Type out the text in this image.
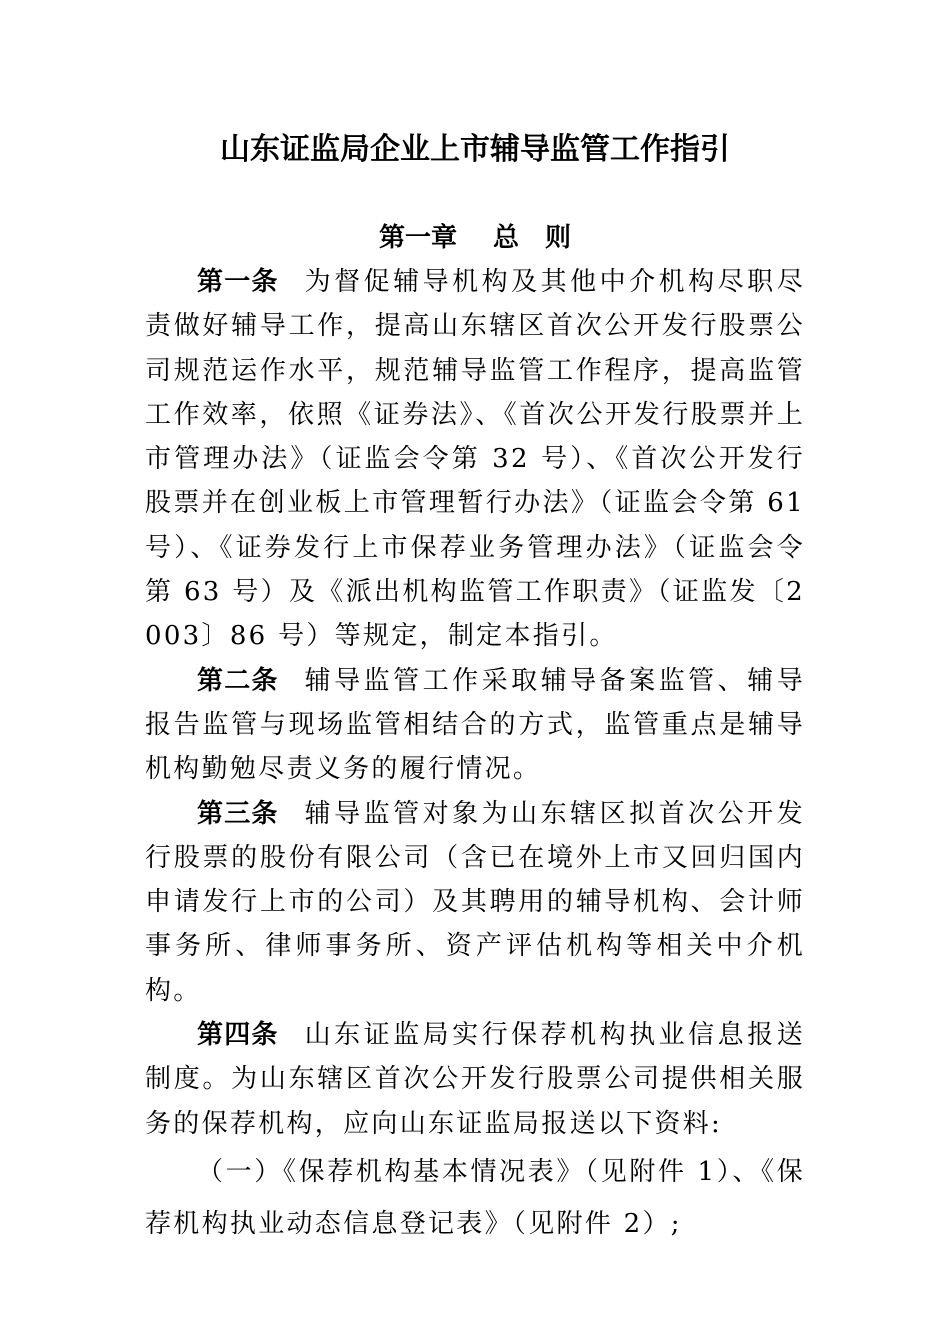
山东证监局企业上市辅导监管工作指引
第一章 总 则

第一条 为督促辅导机构及其他中介机构尽职尽责做好辅导工作，提高山东辖区首次公开发行股票公司规范运作水平，规范辅导监管工作程序，提高监管工作效率，依照《证券法》、《首次公开发行股票并上市管理办法》（证监会令第 32 号）、《首次公开发行股票并在创业板上市管理暂行办法》（证监会令第 61 号）、《证券发行上市保荐业务管理办法》（证监会令第 63 号）及《派出机构监管工作职责》（证监发〔2003〕86 号）等规定，制定本指引。

第二条 辅导监管工作采取辅导备案监管、辅导报告监管与现场监管相结合的方式，监管重点是辅导机构勤勉尽责义务的履行情况。

第三条 辅导监管对象为山东辖区拟首次公开发行股票的股份有限公司（含已在境外上市又回归国内申请发行上市的公司）及其聘用的辅导机构、会计师事务所、律师事务所、资产评估机构等相关中介机构。

第四条 山东证监局实行保荐机构执业信息报送制度。为山东辖区首次公开发行股票公司提供相关服务的保荐机构，应向山东证监局报送以下资料:

（一）《保荐机构基本情况表》（见附件 1）、《保荐机构执业动态信息登记表》（见附件 2）;
